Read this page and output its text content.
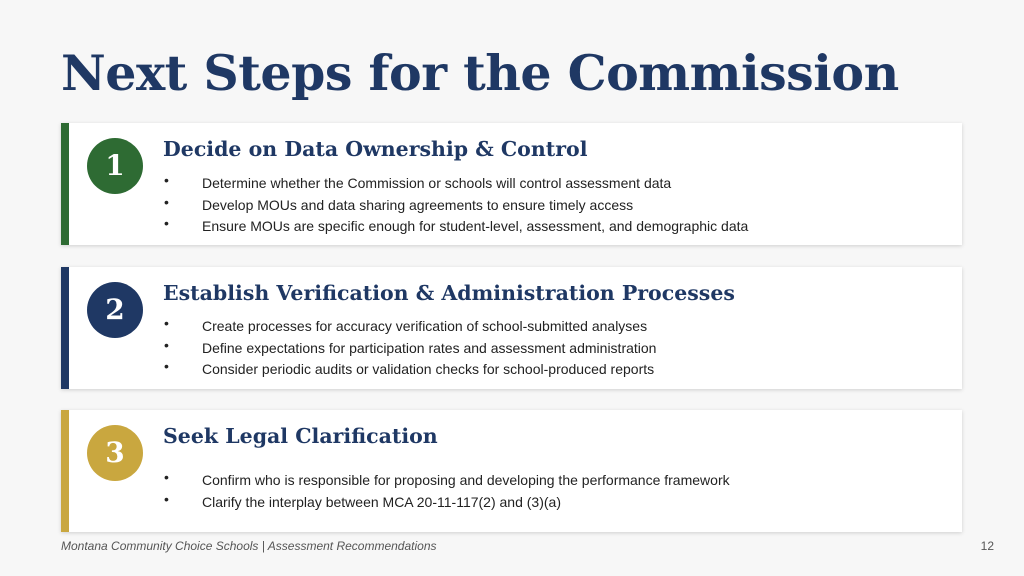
Next Steps for the Commission
1	Decide on Data Ownership & Control
• Determine whether the Commission or schools will control assessment data
• Develop MOUs and data sharing agreements to ensure timely access
• Ensure MOUs are specific enough for student-level, assessment, and demographic data
2	Establish Verification & Administration Processes
• Create processes for accuracy verification of school-submitted analyses
• Define expectations for participation rates and assessment administration
• Consider periodic audits or validation checks for school-produced reports
3	Seek Legal Clarification
• Confirm who is responsible for proposing and developing the performance framework
• Clarify the interplay between MCA 20-11-117(2) and (3)(a)
Montana Community Choice Schools | Assessment Recommendations	12
